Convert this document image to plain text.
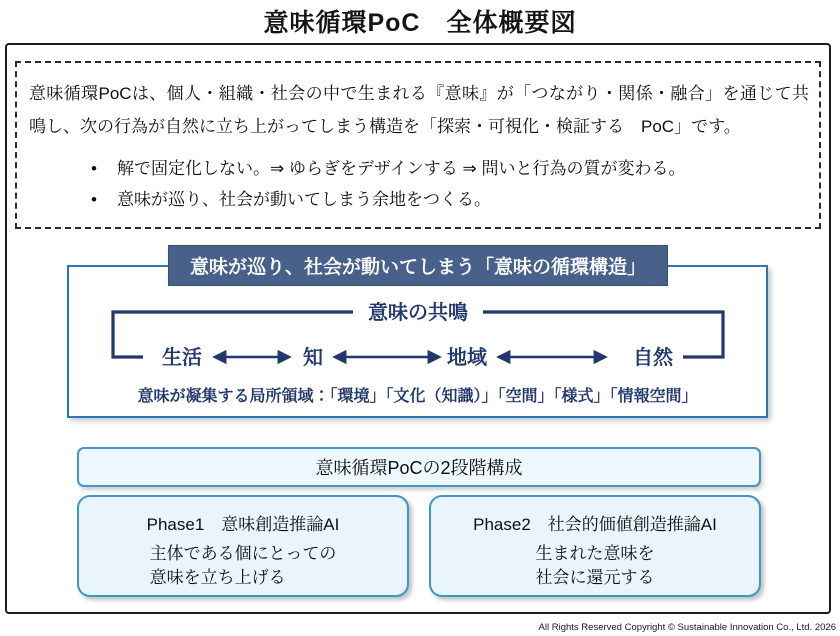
意味循環PoC　全体概要図
意味循環PoCは、個人・組織・社会の中で生まれる『意味』が「つながり・関係・融合」を通じて共鳴し、次の行為が自然に立ち上がってしまう構造を「探索・可視化・検証する　PoC」です。
• 解で固定化しない。⇒ ゆらぎをデザインする ⇒ 問いと行為の質が変わる。
• 意味が巡り、社会が動いてしまう余地をつくる。
意味が巡り、社会が動いてしまう「意味の循環構造」
意味の共鳴
生活	知	地域	自然
意味が凝集する局所領域：「環境」「文化（知識）」「空間」「様式」「情報空間」
意味循環PoCの2段階構成
Phase1　意味創造推論AI
主体である個にとっての
意味を立ち上げる
Phase2　社会的価値創造推論AI
生まれた意味を
社会に還元する
All Rights Reserved Copyright © Sustainable Innovation Co., Ltd. 2026
